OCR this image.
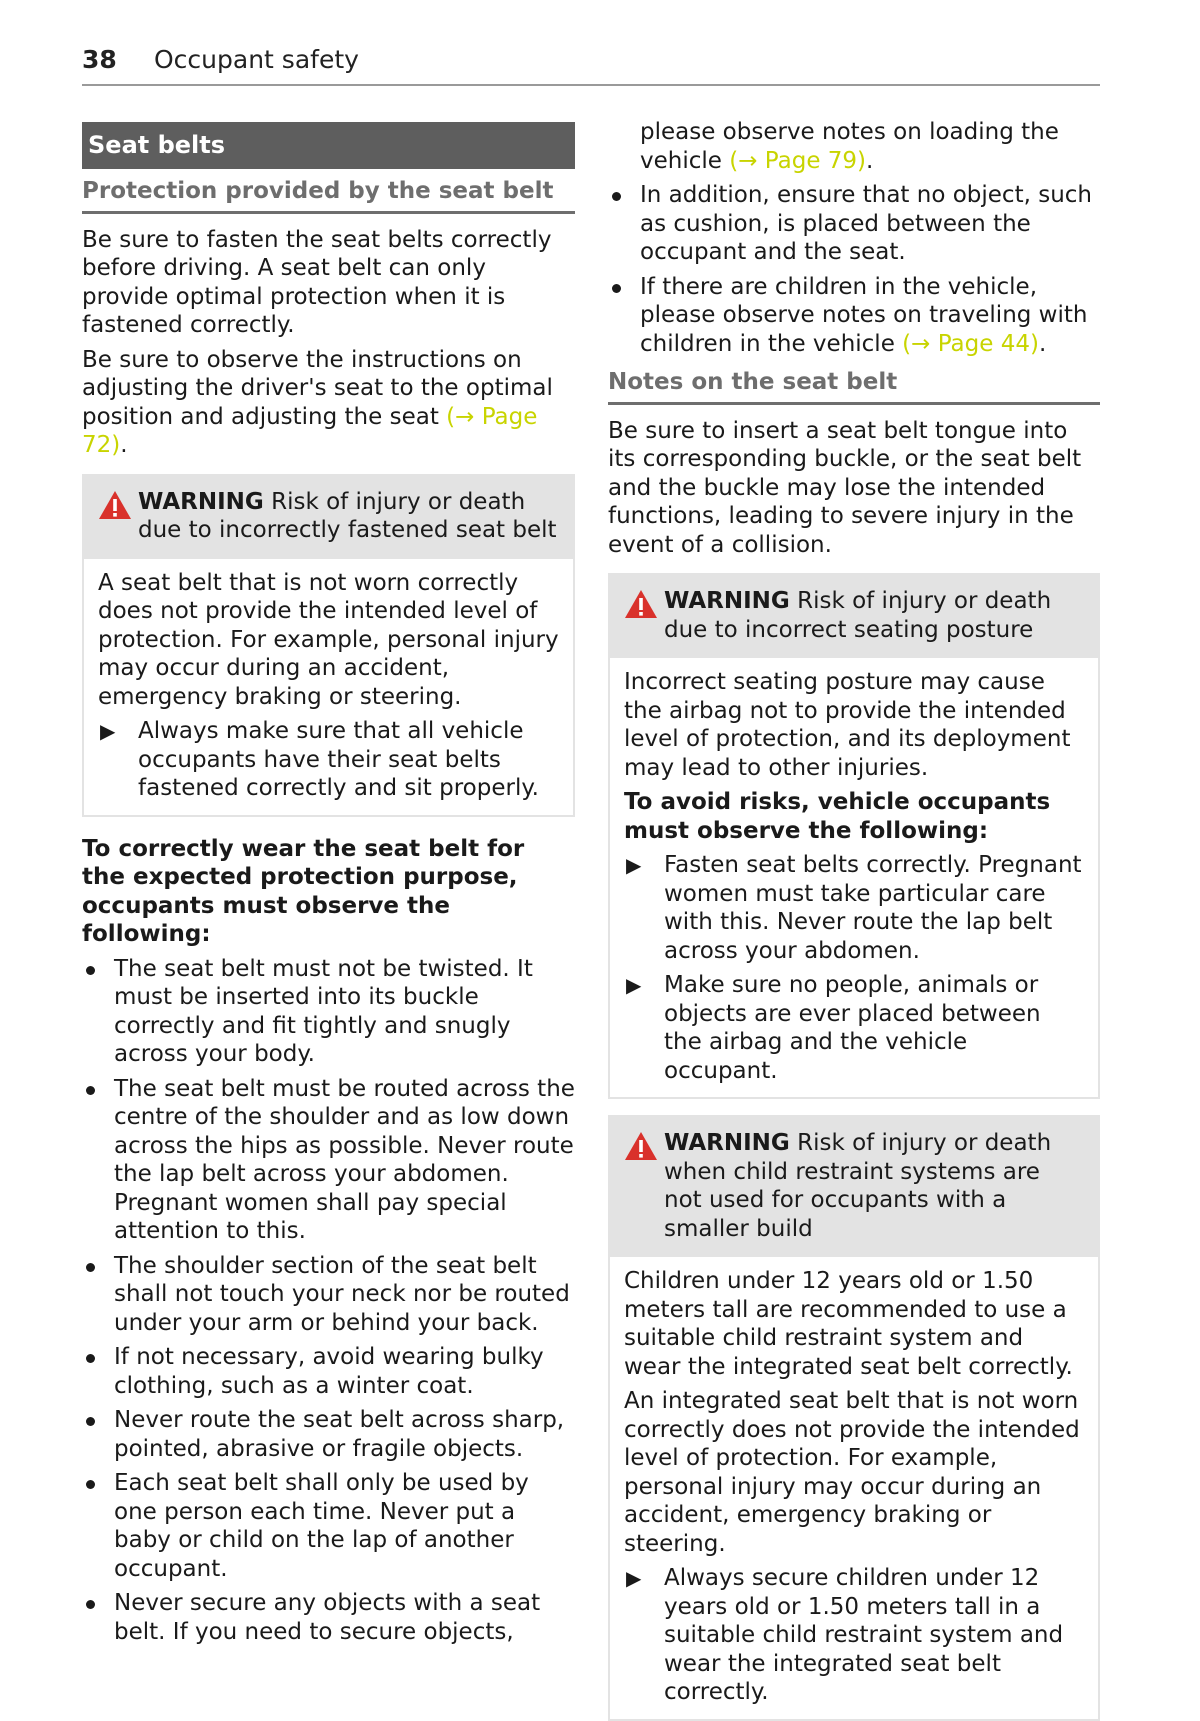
38	Occupant safety
Seat belts
Protection provided by the seat belt

Be sure to fasten the seat belts correctly before driving. A seat belt can only provide optimal protection when it is fastened correctly.

Be sure to observe the instructions on adjusting the driver's seat to the optimal position and adjusting the seat (→ Page 72).

WARNING Risk of injury or death due to incorrectly fastened seat belt

A seat belt that is not worn correctly does not provide the intended level of protection. For example, personal injury may occur during an accident, emergency braking or steering.

▶ Always make sure that all vehicle occupants have their seat belts fastened correctly and sit properly.

To correctly wear the seat belt for the expected protection purpose, occupants must observe the following:

The seat belt must not be twisted. It must be inserted into its buckle correctly and fit tightly and snugly across your body.
The seat belt must be routed across the centre of the shoulder and as low down across the hips as possible. Never route the lap belt across your abdomen. Pregnant women shall pay special attention to this.
The shoulder section of the seat belt shall not touch your neck nor be routed under your arm or behind your back.
If not necessary, avoid wearing bulky clothing, such as a winter coat.
Never route the seat belt across sharp, pointed, abrasive or fragile objects.
Each seat belt shall only be used by one person each time. Never put a baby or child on the lap of another occupant.
Never secure any objects with a seat belt. If you need to secure objects,

please observe notes on loading the vehicle (→ Page 79).

In addition, ensure that no object, such as cushion, is placed between the occupant and the seat.
If there are children in the vehicle, please observe notes on traveling with children in the vehicle (→ Page 44).
Notes on the seat belt

Be sure to insert a seat belt tongue into its corresponding buckle, or the seat belt and the buckle may lose the intended functions, leading to severe injury in the event of a collision.

WARNING Risk of injury or death due to incorrect seating posture

Incorrect seating posture may cause the airbag not to provide the intended level of protection, and its deployment may lead to other injuries.

To avoid risks, vehicle occupants must observe the following:

▶ Fasten seat belts correctly. Pregnant women must take particular care with this. Never route the lap belt across your abdomen.
▶ Make sure no people, animals or objects are ever placed between the airbag and the vehicle occupant.
WARNING Risk of injury or death when child restraint systems are not used for occupants with a smaller build

Children under 12 years old or 1.50 meters tall are recommended to use a suitable child restraint system and wear the integrated seat belt correctly.

An integrated seat belt that is not worn correctly does not provide the intended level of protection. For example, personal injury may occur during an accident, emergency braking or steering.

▶ Always secure children under 12 years old or 1.50 meters tall in a suitable child restraint system and wear the integrated seat belt correctly.
